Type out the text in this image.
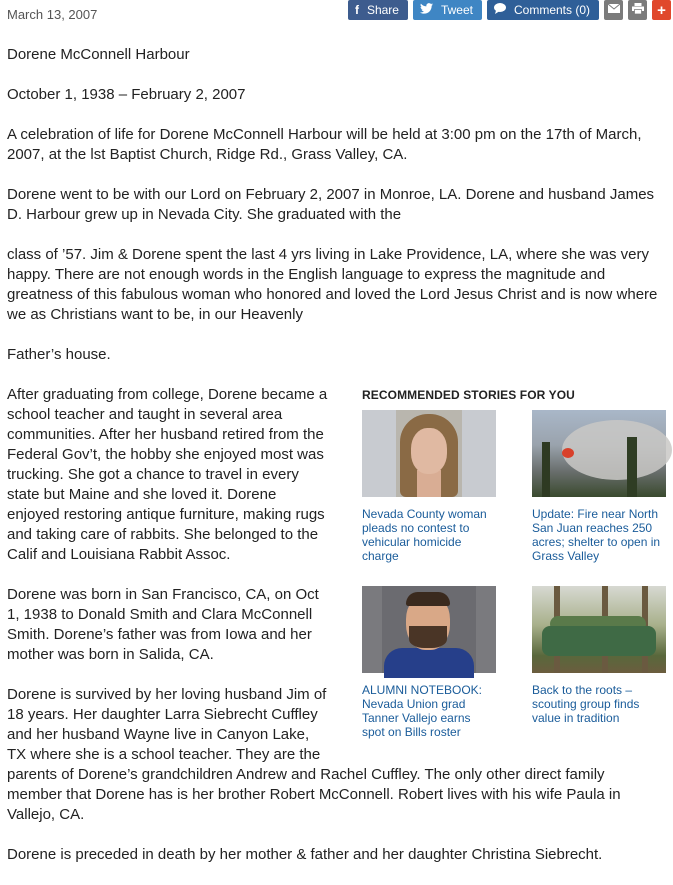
March 13, 2007	f Share	Tweet	Comments (0)	+

Dorene McConnell Harbour

October 1, 1938 – February 2, 2007

A celebration of life for Dorene McConnell Harbour will be held at 3:00 pm on the 17th of March, 2007, at the lst Baptist Church, Ridge Rd., Grass Valley, CA.

Dorene went to be with our Lord on February 2, 2007 in Monroe, LA. Dorene and husband James D. Harbour grew up in Nevada City. She graduated with the

class of ’57. Jim & Dorene spent the last 4 yrs living in Lake Providence, LA, where she was very happy. There are not enough words in the English language to express the magnitude and greatness of this fabulous woman who honored and loved the Lord Jesus Christ and is now where we as Christians want to be, in our Heavenly

Father’s house.

After graduating from college, Dorene became a school teacher and taught in several area communities. After her husband retired from the Federal Gov’t, the hobby she enjoyed most was trucking. She got a chance to travel in every state but Maine and she loved it. Dorene enjoyed restoring antique furniture, making rugs and taking care of rabbits. She belonged to the Calif and Louisiana Rabbit Assoc.

Dorene was born in San Francisco, CA, on Oct 1, 1938 to Donald Smith and Clara McConnell Smith. Dorene’s father was from Iowa and her mother was born in Salida, CA.

Dorene is survived by her loving husband Jim of 18 years. Her daughter Larra Siebrecht Cuffley and her husband Wayne live in Canyon Lake, TX where she is a school teacher. They are the

parents of Dorene’s grandchildren Andrew and Rachel Cuffley. The only other direct family member that Dorene has is her brother Robert McConnell. Robert lives with his wife Paula in Vallejo, CA.

Dorene is preceded in death by her mother & father and her daughter Christina Siebrecht.

RECOMMENDED STORIES FOR YOU
Nevada County woman pleads no contest to vehicular homicide charge
Update: Fire near North San Juan reaches 250 acres; shelter to open in Grass Valley
ALUMNI NOTEBOOK: Nevada Union grad Tanner Vallejo earns spot on Bills roster
Back to the roots – scouting group finds value in tradition
